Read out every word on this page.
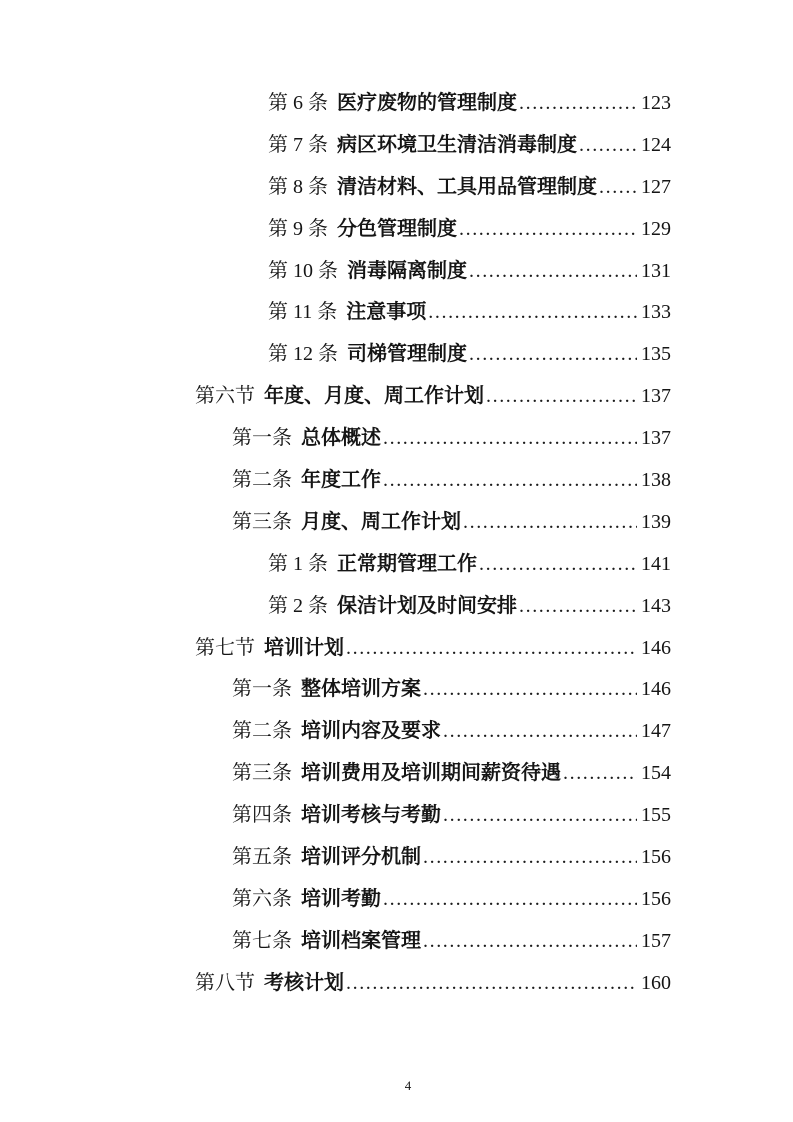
第 6 条 医疗废物的管理制度 .....	123
第 7 条 病区环境卫生清洁消毒制度 .....	124
第 8 条 清洁材料、工具用品管理制度 ..... 127
第 9 条 分色管理制度 .....	129
第 10 条 消毒隔离制度 .....	131
第 11 条 注意事项 .....	133
第 12 条 司梯管理制度 .....	135
第六节 年度、月度、周工作计划 .....	137
第一条 总体概述 .....	137
第二条 年度工作 .....	138
第三条 月度、周工作计划 .....	139
第 1 条 正常期管理工作 .....	141
第 2 条 保洁计划及时间安排 .....	143
第七节 培训计划 .....	146
第一条 整体培训方案 .....	146
第二条 培训内容及要求 .....	147
第三条 培训费用及培训期间薪资待遇 .....	154
第四条 培训考核与考勤 .....	155
第五条 培训评分机制 .....	156
第六条 培训考勤 .....	156
第七条 培训档案管理 .....	157
第八节 考核计划 .....	160
4
